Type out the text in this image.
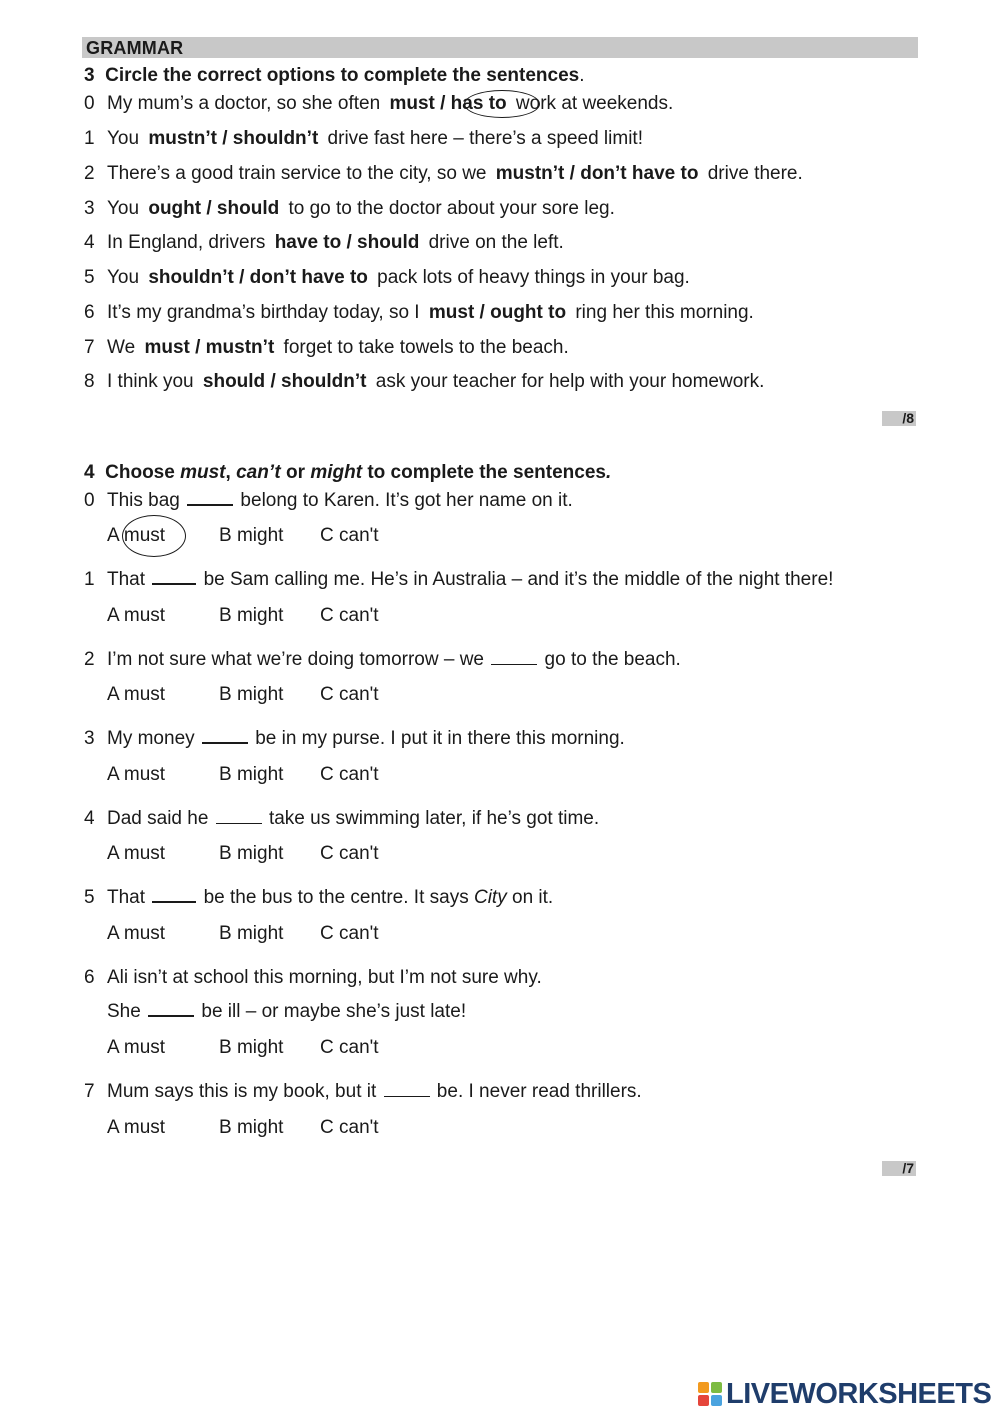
GRAMMAR
3 Circle the correct options to complete the sentences.
0 My mum’s a doctor, so she often must / has to work at weekends.
1 You mustn’t / shouldn’t drive fast here – there’s a speed limit!
2 There’s a good train service to the city, so we mustn’t / don’t have to drive there.
3 You ought / should to go to the doctor about your sore leg.
4 In England, drivers have to / should drive on the left.
5 You shouldn’t / don’t have to pack lots of heavy things in your bag.
6 It’s my grandma’s birthday today, so I must / ought to ring her this morning.
7 We must / mustn’t forget to take towels to the beach.
8 I think you should / shouldn’t ask your teacher for help with your homework.
/8
4 Choose must, can’t or might to complete the sentences.
0 This bag	belong to Karen. It’s got her name on it.
A must	B might C can't
1 That	be Sam calling me. He’s in Australia – and it’s the middle of the night there!
A must	B might C can't
2 I’m not sure what we’re doing tomorrow – we	go to the beach.
A must	B might C can't
3 My money	be in my purse. I put it in there this morning.
A must	B might C can't
4 Dad said he	take us swimming later, if he’s got time.
A must	B might C can't
5 That	be the bus to the centre. It says City on it.
A must	B might C can't
6 Ali isn’t at school this morning, but I’m not sure why.
She	be ill – or maybe she’s just late!
A must	B might C can't
7 Mum says this is my book, but it	be. I never read thrillers.
A must	B might C can't
/7
LIVEWORKSHEETS
